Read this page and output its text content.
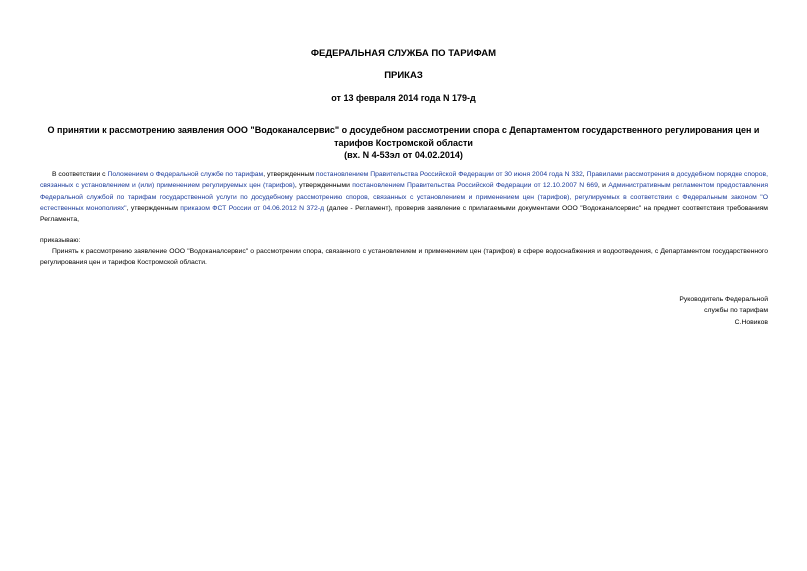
ФЕДЕРАЛЬНАЯ СЛУЖБА ПО ТАРИФАМ
ПРИКАЗ
от 13 февраля 2014 года N 179-д
О принятии к рассмотрению заявления ООО "Водоканалсервис" о досудебном рассмотрении спора с Департаментом государственного регулирования цен и
тарифов Костромской области
(вх. N 4-53эл от 04.02.2014)
В соответствии с Положением о Федеральной службе по тарифам, утвержденным постановлением Правительства Российской Федерации от 30 июня 2004 года N 332, Правилами рассмотрения в досудебном порядке споров, связанных с установлением и (или) применением регулируемых цен (тарифов), утвержденными постановлением Правительства Российской Федерации от 12.10.2007 N 669, и Административным регламентом предоставления Федеральной службой по тарифам государственной услуги по досудебному рассмотрению споров, связанных с установлением и применением цен (тарифов), регулируемых в соответствии с Федеральным законом "О естественных монополиях", утвержденным приказом ФСТ России от 04.06.2012 N 372-д (далее - Регламент), проверив заявление с прилагаемыми документами ООО "Водоканалсервис" на предмет соответствия требованиям Регламента,
приказываю:
Принять к рассмотрению заявление ООО "Водоканалсервис" о рассмотрении спора, связанного с установлением и применением цен (тарифов) в сфере водоснабжения и водоотведения, с Департаментом государственного регулирования цен и тарифов Костромской области.
Руководитель Федеральной
службы по тарифам
С.Новиков
